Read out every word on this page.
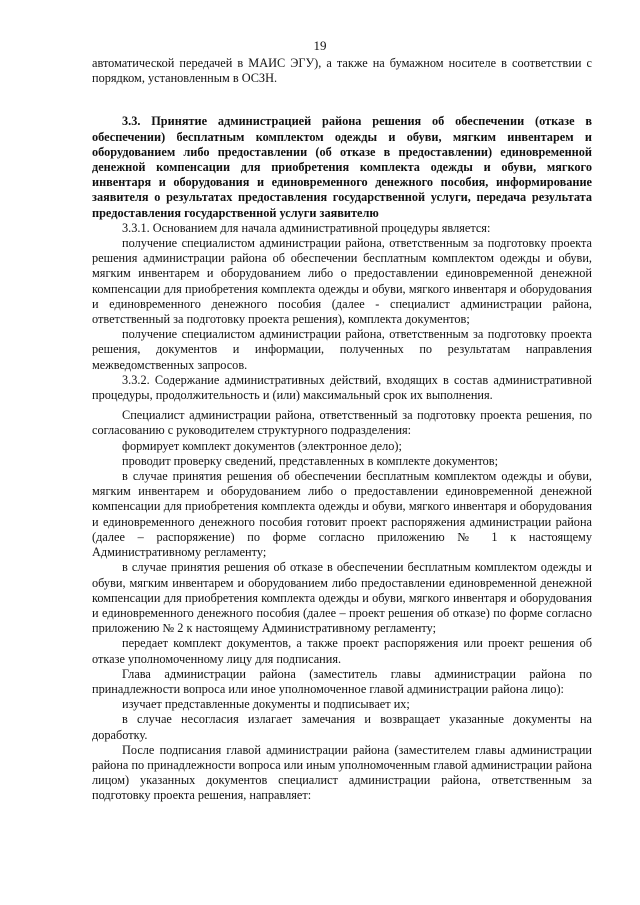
19

автоматической передачей в МАИС ЭГУ), а также на бумажном носителе в соответствии с порядком, установленным в ОСЗН.

3.3. Принятие администрацией района решения об обеспечении (отказе в обеспечении) бесплатным комплектом одежды и обуви, мягким инвентарем и оборудованием либо предоставлении (об отказе в предоставлении) единовременной денежной компенсации для приобретения комплекта одежды и обуви, мягкого инвентаря и оборудования и единовременного денежного пособия, информирование заявителя о результатах предоставления государственной услуги, передача результата предоставления государственной услуги заявителю

3.3.1. Основанием для начала административной процедуры является:

получение специалистом администрации района, ответственным за подготовку проекта решения администрации района об обеспечении бесплатным комплектом одежды и обуви, мягким инвентарем и оборудованием либо о предоставлении единовременной денежной компенсации для приобретения комплекта одежды и обуви, мягкого инвентаря и оборудования и единовременного денежного пособия (далее - специалист администрации района, ответственный за подготовку проекта решения), комплекта документов;

получение специалистом администрации района, ответственным за подготовку проекта решения, документов и информации, полученных по результатам направления межведомственных запросов.

3.3.2. Содержание административных действий, входящих в состав административной процедуры, продолжительность и (или) максимальный срок их выполнения.

Специалист администрации района, ответственный за подготовку проекта решения, по согласованию с руководителем структурного подразделения:

формирует комплект документов (электронное дело);

проводит проверку сведений, представленных в комплекте документов;

в случае принятия решения об обеспечении бесплатным комплектом одежды и обуви, мягким инвентарем и оборудованием либо о предоставлении единовременной денежной компенсации для приобретения комплекта одежды и обуви, мягкого инвентаря и оборудования и единовременного денежного пособия готовит проект распоряжения администрации района (далее – распоряжение) по форме согласно приложению № 1 к настоящему Административному регламенту;

в случае принятия решения об отказе в обеспечении бесплатным комплектом одежды и обуви, мягким инвентарем и оборудованием либо предоставлении единовременной денежной компенсации для приобретения комплекта одежды и обуви, мягкого инвентаря и оборудования и единовременного денежного пособия (далее – проект решения об отказе) по форме согласно приложению № 2 к настоящему Административному регламенту;

передает комплект документов, а также проект распоряжения или проект решения об отказе уполномоченному лицу для подписания.

Глава администрации района (заместитель главы администрации района по принадлежности вопроса или иное уполномоченное главой администрации района лицо):

изучает представленные документы и подписывает их;

в случае несогласия излагает замечания и возвращает указанные документы на доработку.

После подписания главой администрации района (заместителем главы администрации района по принадлежности вопроса или иным уполномоченным главой администрации района лицом) указанных документов специалист администрации района, ответственным за подготовку проекта решения, направляет:
